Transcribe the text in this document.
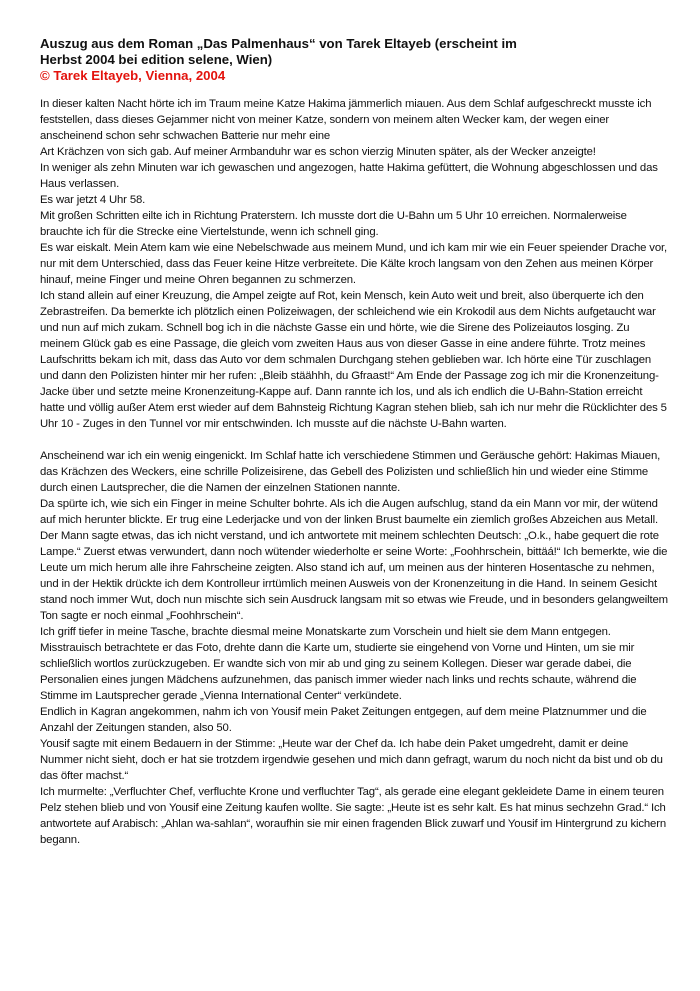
Auszug aus dem Roman „Das Palmenhaus“ von Tarek Eltayeb (erscheint im
Herbst 2004 bei edition selene, Wien)
© Tarek Eltayeb, Vienna, 2004

In dieser kalten Nacht hörte ich im Traum meine Katze Hakima jämmerlich miauen. Aus dem Schlaf aufgeschreckt musste ich feststellen, dass dieses Gejammer nicht von meiner Katze, sondern von meinem alten Wecker kam, der wegen einer anscheinend schon sehr schwachen Batterie nur mehr eine

Art Krächzen von sich gab. Auf meiner Armbanduhr war es schon vierzig Minuten später, als der Wecker anzeigte!

In weniger als zehn Minuten war ich gewaschen und angezogen, hatte Hakima gefüttert, die Wohnung abgeschlossen und das Haus verlassen.

Es war jetzt 4 Uhr 58.

Mit großen Schritten eilte ich in Richtung Praterstern. Ich musste dort die U-Bahn um 5 Uhr 10 erreichen. Normalerweise brauchte ich für die Strecke eine Viertelstunde, wenn ich schnell ging.

Es war eiskalt. Mein Atem kam wie eine Nebelschwade aus meinem Mund, und ich kam mir wie ein Feuer speiender Drache vor, nur mit dem Unterschied, dass das Feuer keine Hitze verbreitete. Die Kälte kroch langsam von den Zehen aus meinen Körper hinauf, meine Finger und meine Ohren begannen zu schmerzen.

Ich stand allein auf einer Kreuzung, die Ampel zeigte auf Rot, kein Mensch, kein Auto weit und breit, also überquerte ich den Zebrastreifen. Da bemerkte ich plötzlich einen Polizeiwagen, der schleichend wie ein Krokodil aus dem Nichts aufgetaucht war und nun auf mich zukam. Schnell bog ich in die nächste Gasse ein und hörte, wie die Sirene des Polizeiautos losging. Zu meinem Glück gab es eine Passage, die gleich vom zweiten Haus aus von dieser Gasse in eine andere führte. Trotz meines Laufschritts bekam ich mit, dass das Auto vor dem schmalen Durchgang stehen geblieben war. Ich hörte eine Tür zuschlagen und dann den Polizisten hinter mir her rufen: „Bleib stäähhh, du Gfraast!“ Am Ende der Passage zog ich mir die Kronenzeitung-Jacke über und setzte meine Kronenzeitung-Kappe auf. Dann rannte ich los, und als ich endlich die U-Bahn-Station erreicht hatte und völlig außer Atem erst wieder auf dem Bahnsteig Richtung Kagran stehen blieb, sah ich nur mehr die Rücklichter des 5 Uhr 10 - Zuges in den Tunnel vor mir entschwinden. Ich musste auf die nächste U-Bahn warten.

Anscheinend war ich ein wenig eingenickt. Im Schlaf hatte ich verschiedene Stimmen und Geräusche gehört: Hakimas Miauen, das Krächzen des Weckers, eine schrille Polizeisirene, das Gebell des Polizisten und schließlich hin und wieder eine Stimme durch einen Lautsprecher, die die Namen der einzelnen Stationen nannte.

Da spürte ich, wie sich ein Finger in meine Schulter bohrte. Als ich die Augen aufschlug, stand da ein Mann vor mir, der wütend auf mich herunter blickte. Er trug eine Lederjacke und von der linken Brust baumelte ein ziemlich großes Abzeichen aus Metall. Der Mann sagte etwas, das ich nicht verstand, und ich antwortete mit meinem schlechten Deutsch: „O.k., habe gequert die rote Lampe.“ Zuerst etwas verwundert, dann noch wütender wiederholte er seine Worte: „Foohhrschein, bittäá!“ Ich bemerkte, wie die Leute um mich herum alle ihre Fahrscheine zeigten. Also stand ich auf, um meinen aus der hinteren Hosentasche zu nehmen, und in der Hektik drückte ich dem Kontrolleur irrtümlich meinen Ausweis von der Kronenzeitung in die Hand. In seinem Gesicht stand noch immer Wut, doch nun mischte sich sein Ausdruck langsam mit so etwas wie Freude, und in besonders gelangweiltem Ton sagte er noch einmal „Foohhrschein“.

Ich griff tiefer in meine Tasche, brachte diesmal meine Monatskarte zum Vorschein und hielt sie dem Mann entgegen.

Misstrauisch betrachtete er das Foto, drehte dann die Karte um, studierte sie eingehend von Vorne und Hinten, um sie mir schließlich wortlos zurückzugeben. Er wandte sich von mir ab und ging zu seinem Kollegen. Dieser war gerade dabei, die Personalien eines jungen Mädchens aufzunehmen, das panisch immer wieder nach links und rechts schaute, während die Stimme im Lautsprecher gerade „Vienna International Center“ verkündete.

Endlich in Kagran angekommen, nahm ich von Yousif mein Paket Zeitungen entgegen, auf dem meine Platznummer und die Anzahl der Zeitungen standen, also 50.

Yousif sagte mit einem Bedauern in der Stimme: „Heute war der Chef da. Ich habe dein Paket umgedreht, damit er deine Nummer nicht sieht, doch er hat sie trotzdem irgendwie gesehen und mich dann gefragt, warum du noch nicht da bist und ob du das öfter machst.“

Ich murmelte: „Verfluchter Chef, verfluchte Krone und verfluchter Tag“, als gerade eine elegant gekleidete Dame in einem teuren Pelz stehen blieb und von Yousif eine Zeitung kaufen wollte. Sie sagte: „Heute ist es sehr kalt. Es hat minus sechzehn Grad.“ Ich antwortete auf Arabisch: „Ahlan wa-sahlan“, woraufhin sie mir einen fragenden Blick zuwarf und Yousif im Hintergrund zu kichern begann.
